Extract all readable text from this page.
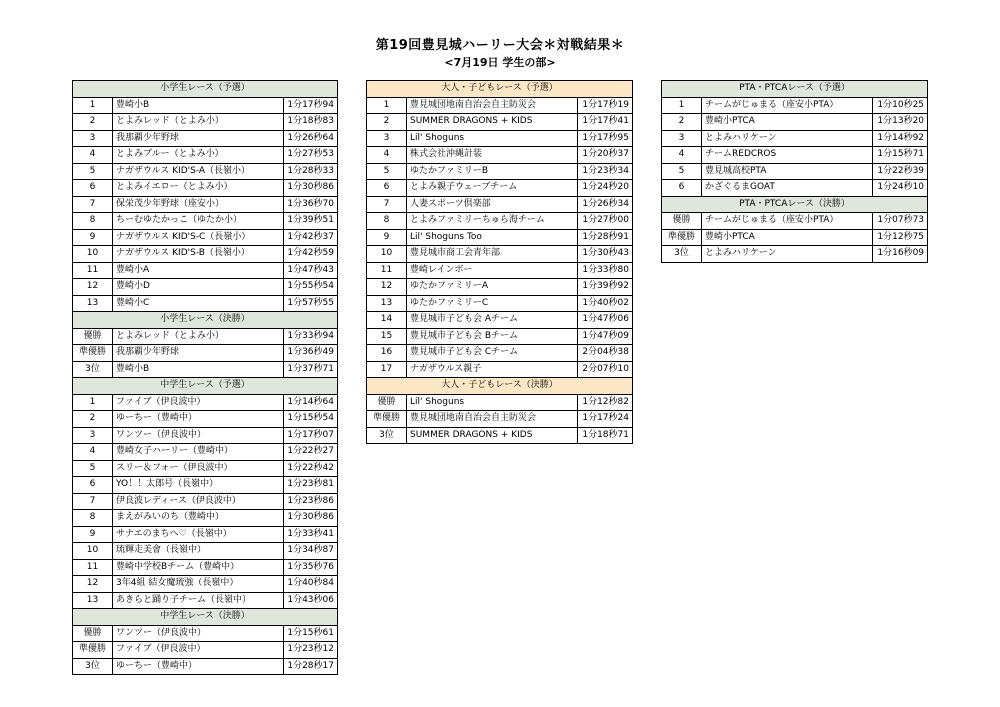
第19回豊見城ハーリー大会＊対戦結果＊
<7月19日 学生の部>
小学生レース（予選）		
1	豊崎小B	1分17秒94
2	とよみレッド（とよみ小）	1分18秒83
3	我那覇少年野球	1分26秒64
4	とよみブルー（とよみ小）	1分27秒53
5	ナガザウルス KID'S-A（長嶺小）	1分28秒33
6	とよみイエロー（とよみ小）	1分30秒86
7	保栄茂少年野球（座安小）	1分36秒70
8	ちーむゆたかっこ（ゆたか小）	1分39秒51
9	ナガザウルス KID'S-C（長嶺小）	1分42秒37
10	ナガザウルス KID'S-B（長嶺小）	1分42秒59
11	豊崎小A	1分47秒43
12	豊崎小D	1分55秒54
13	豊崎小C	1分57秒55
小学生レース（決勝）		
優勝	とよみレッド（とよみ小）	1分33秒94
準優勝	我那覇少年野球	1分36秒49
3位	豊崎小B	1分37秒71
中学生レース（予選）		
1	ファイブ（伊良波中）	1分14秒64
2	ゆーちー（豊崎中）	1分15秒54
3	ワンツー（伊良波中）	1分17秒07
4	豊崎女子ハーリー（豊崎中）	1分22秒27
5	スリー＆フォー（伊良波中）	1分22秒42
6	YO！！太郎号（長嶺中）	1分23秒81
7	伊良波レディース（伊良波中）	1分23秒86
8	まえがみいのち（豊崎中）	1分30秒86
9	サナエのまちへ♡（長嶺中）	1分33秒41
10	琉輝走美會（長嶺中）	1分34秒87
11	豊崎中学校Bチーム（豊崎中）	1分35秒76
12	3年4組 結女魔琉強（長嶺中）	1分40秒84
13	あきらと踊り子チーム（長嶺中）	1分43秒06
中学生レース（決勝）		
優勝	ワンツー（伊良波中）	1分15秒61
準優勝	ファイブ（伊良波中）	1分23秒12
3位	ゆーちー（豊崎中）	1分28秒17
大人・子どもレース（予選）		
1	豊見城団地南自治会自主防災会	1分17秒19
2	SUMMER DRAGONS + KIDS	1分17秒41
3	Lil' Shoguns	1分17秒95
4	株式会社沖縄計装	1分20秒37
5	ゆたかファミリーB	1分23秒34
6	とよみ親子ウェーブチーム	1分24秒20
7	人妻スポーツ倶楽部	1分26秒34
8	とよみファミリーちゅら海チーム	1分27秒00
9	Lil' Shoguns Too	1分28秒91
10	豊見城市商工会青年部	1分30秒43
11	豊崎レインボー	1分33秒80
12	ゆたかファミリーA	1分39秒92
13	ゆたかファミリーC	1分40秒02
14	豊見城市子ども会 Aチーム	1分47秒06
15	豊見城市子ども会 Bチーム	1分47秒09
16	豊見城市子ども会 Cチーム	2分04秒38
17	ナガザウルス親子	2分07秒10
大人・子どもレース（決勝）		
優勝	Lil' Shoguns	1分12秒82
準優勝	豊見城団地南自治会自主防災会	1分17秒24
3位	SUMMER DRAGONS + KIDS	1分18秒71
PTA・PTCAレース（予選）		
1	チームがじゅまる（座安小PTA）	1分10秒25
2	豊崎小PTCA	1分13秒20
3	とよみハリケーン	1分14秒92
4	チームREDCROS	1分15秒71
5	豊見城高校PTA	1分22秒39
6	かざぐるまGOAT	1分24秒10
PTA・PTCAレース（決勝）		
優勝	チームがじゅまる（座安小PTA）	1分07秒73
準優勝	豊崎小PTCA	1分12秒75
3位	とよみハリケーン	1分16秒09
